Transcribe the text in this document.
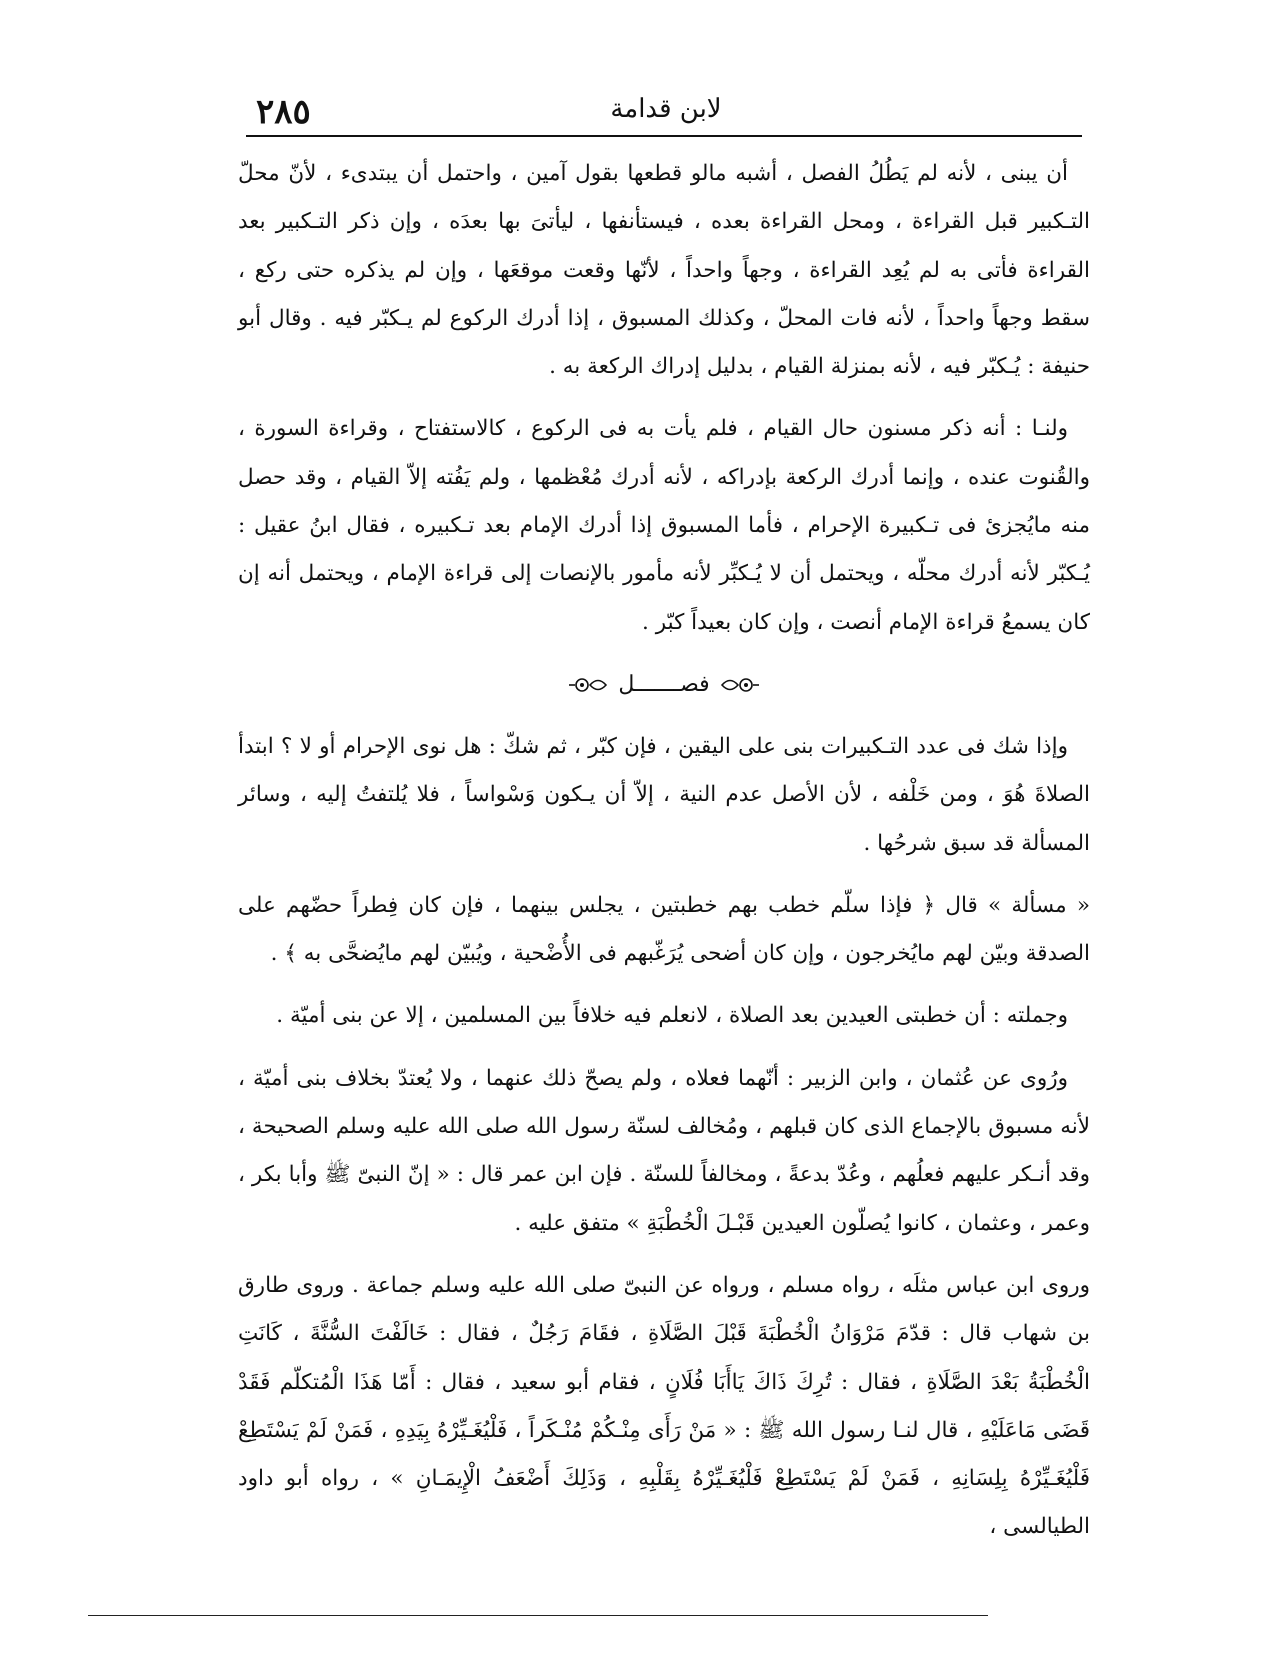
٢٨٥	لابن قدامة

أن يبنى ، لأنه لم يَطُلُ الفصل ، أشبه مالو قطعها بقول آمين ، واحتمل أن يبتدىء ، لأنّ محلّ التـكبير قبل القراءة ، ومحل القراءة بعده ، فيستأنفها ، ليأتىَ بها بعدَه ، وإن ذكر التـكبير بعد القراءة فأتى به لم يُعِد القراءة ، وجهاً واحداً ، لأنّها وقعت موقعَها ، وإن لم يذكره حتى ركع ، سقط وجهاً واحداً ، لأنه فات المحلّ ، وكذلك المسبوق ، إذا أدرك الركوع لم يـكبّر فيه . وقال أبو حنيفة : يُـكبّر فيه ، لأنه بمنزلة القيام ، بدليل إدراك الركعة به .

ولنـا : أنه ذكر مسنون حال القيام ، فلم يأت به فى الركوع ، كالاستفتاح ، وقراءة السورة ، والقُنوت عنده ، وإنما أدرك الركعة بإدراكه ، لأنه أدرك مُعْظمها ، ولم يَفُته إلاّ القيام ، وقد حصل منه مايُجزئ فى تـكبيرة الإحرام ، فأما المسبوق إذا أدرك الإمام بعد تـكبيره ، فقال ابنُ عقيل : يُـكبّر لأنه أدرك محلّه ، ويحتمل أن لا يُـكبِّر لأنه مأمور بالإنصات إلى قراءة الإمام ، ويحتمل أنه إن كان يسمعُ قراءة الإمام أنصت ، وإن كان بعيداً كبّر .

فصـــــــل

وإذا شك فى عدد التـكبيرات بنى على اليقين ، فإن كبّر ، ثم شكّ : هل نوى الإحرام أو لا ؟ ابتدأ الصلاةَ هُوَ ، ومن خَلْفه ، لأن الأصل عدم النية ، إلاّ أن يـكون وَسْواساً ، فلا يُلتفتُ إليه ، وسائر المسألة قد سبق شرحُها .

« مسألة » قال ﴿ فإذا سلّم خطب بهم خطبتين ، يجلس بينهما ، فإن كان فِطراً حضّهم على الصدقة وبيّن لهم مايُخرجون ، وإن كان أضحى يُرَغّبهم فى الأُضْحية ، ويُبيّن لهم مايُضحَّى به ﴾ .

وجملته : أن خطبتى العيدين بعد الصلاة ، لانعلم فيه خلافاً بين المسلمين ، إلا عن بنى أميّة .

ورُوى عن عُثمان ، وابن الزبير : أنّهما فعلاه ، ولم يصحّ ذلك عنهما ، ولا يُعتدّ بخلاف بنى أميّة ، لأنه مسبوق بالإجماع الذى كان قبلهم ، ومُخالف لسنّة رسول الله صلى الله عليه وسلم الصحيحة ، وقد أنـكر عليهم فعلُهم ، وعُدّ بدعةً ، ومخالفاً للسنّة . فإن ابن عمر قال : « إنّ النبىّ ﷺ وأبا بكر ، وعمر ، وعثمان ، كانوا يُصلّون العيدين قَبْـلَ الْخُطْبَةِ » متفق عليه .

وروى ابن عباس مثلَه ، رواه مسلم ، ورواه عن النبىّ صلى الله عليه وسلم جماعة . وروى طارق بن شهاب قال : قدّمَ مَرْوَانُ الْخُطْبَةَ قَبْلَ الصَّلَاةِ ، فقَامَ رَجُلٌ ، فقال : خَالَفْتَ السُّنَّةَ ، كَانَتِ الْخُطْبَةُ بَعْدَ الصَّلَاةِ ، فقال : تُرِكَ ذَاكَ يَاأَبَا فُلَانٍ ، فقام أبو سعيد ، فقال : أَمّا هَذَا الْمُتكلّم فَقَدْ قَضَى مَاعَلَيْهِ ، قال لنـا رسول الله ﷺ : « مَنْ رَأَى مِنْـكُمْ مُنْـكَراً ، فَلْيُغَـيِّرْهُ بِيَدِهِ ، فَمَنْ لَمْ يَسْتَطِعْ فَلْيُغَـيِّرْهُ بِلِسَانِهِ ، فَمَنْ لَمْ يَسْتَطِعْ فَلْيُغَـيِّرْهُ بِقَلْبِهِ ، وَذَلِكَ أَضْعَفُ الْإِيمَـانِ » ، رواه أبو داود الطيالسى ،
